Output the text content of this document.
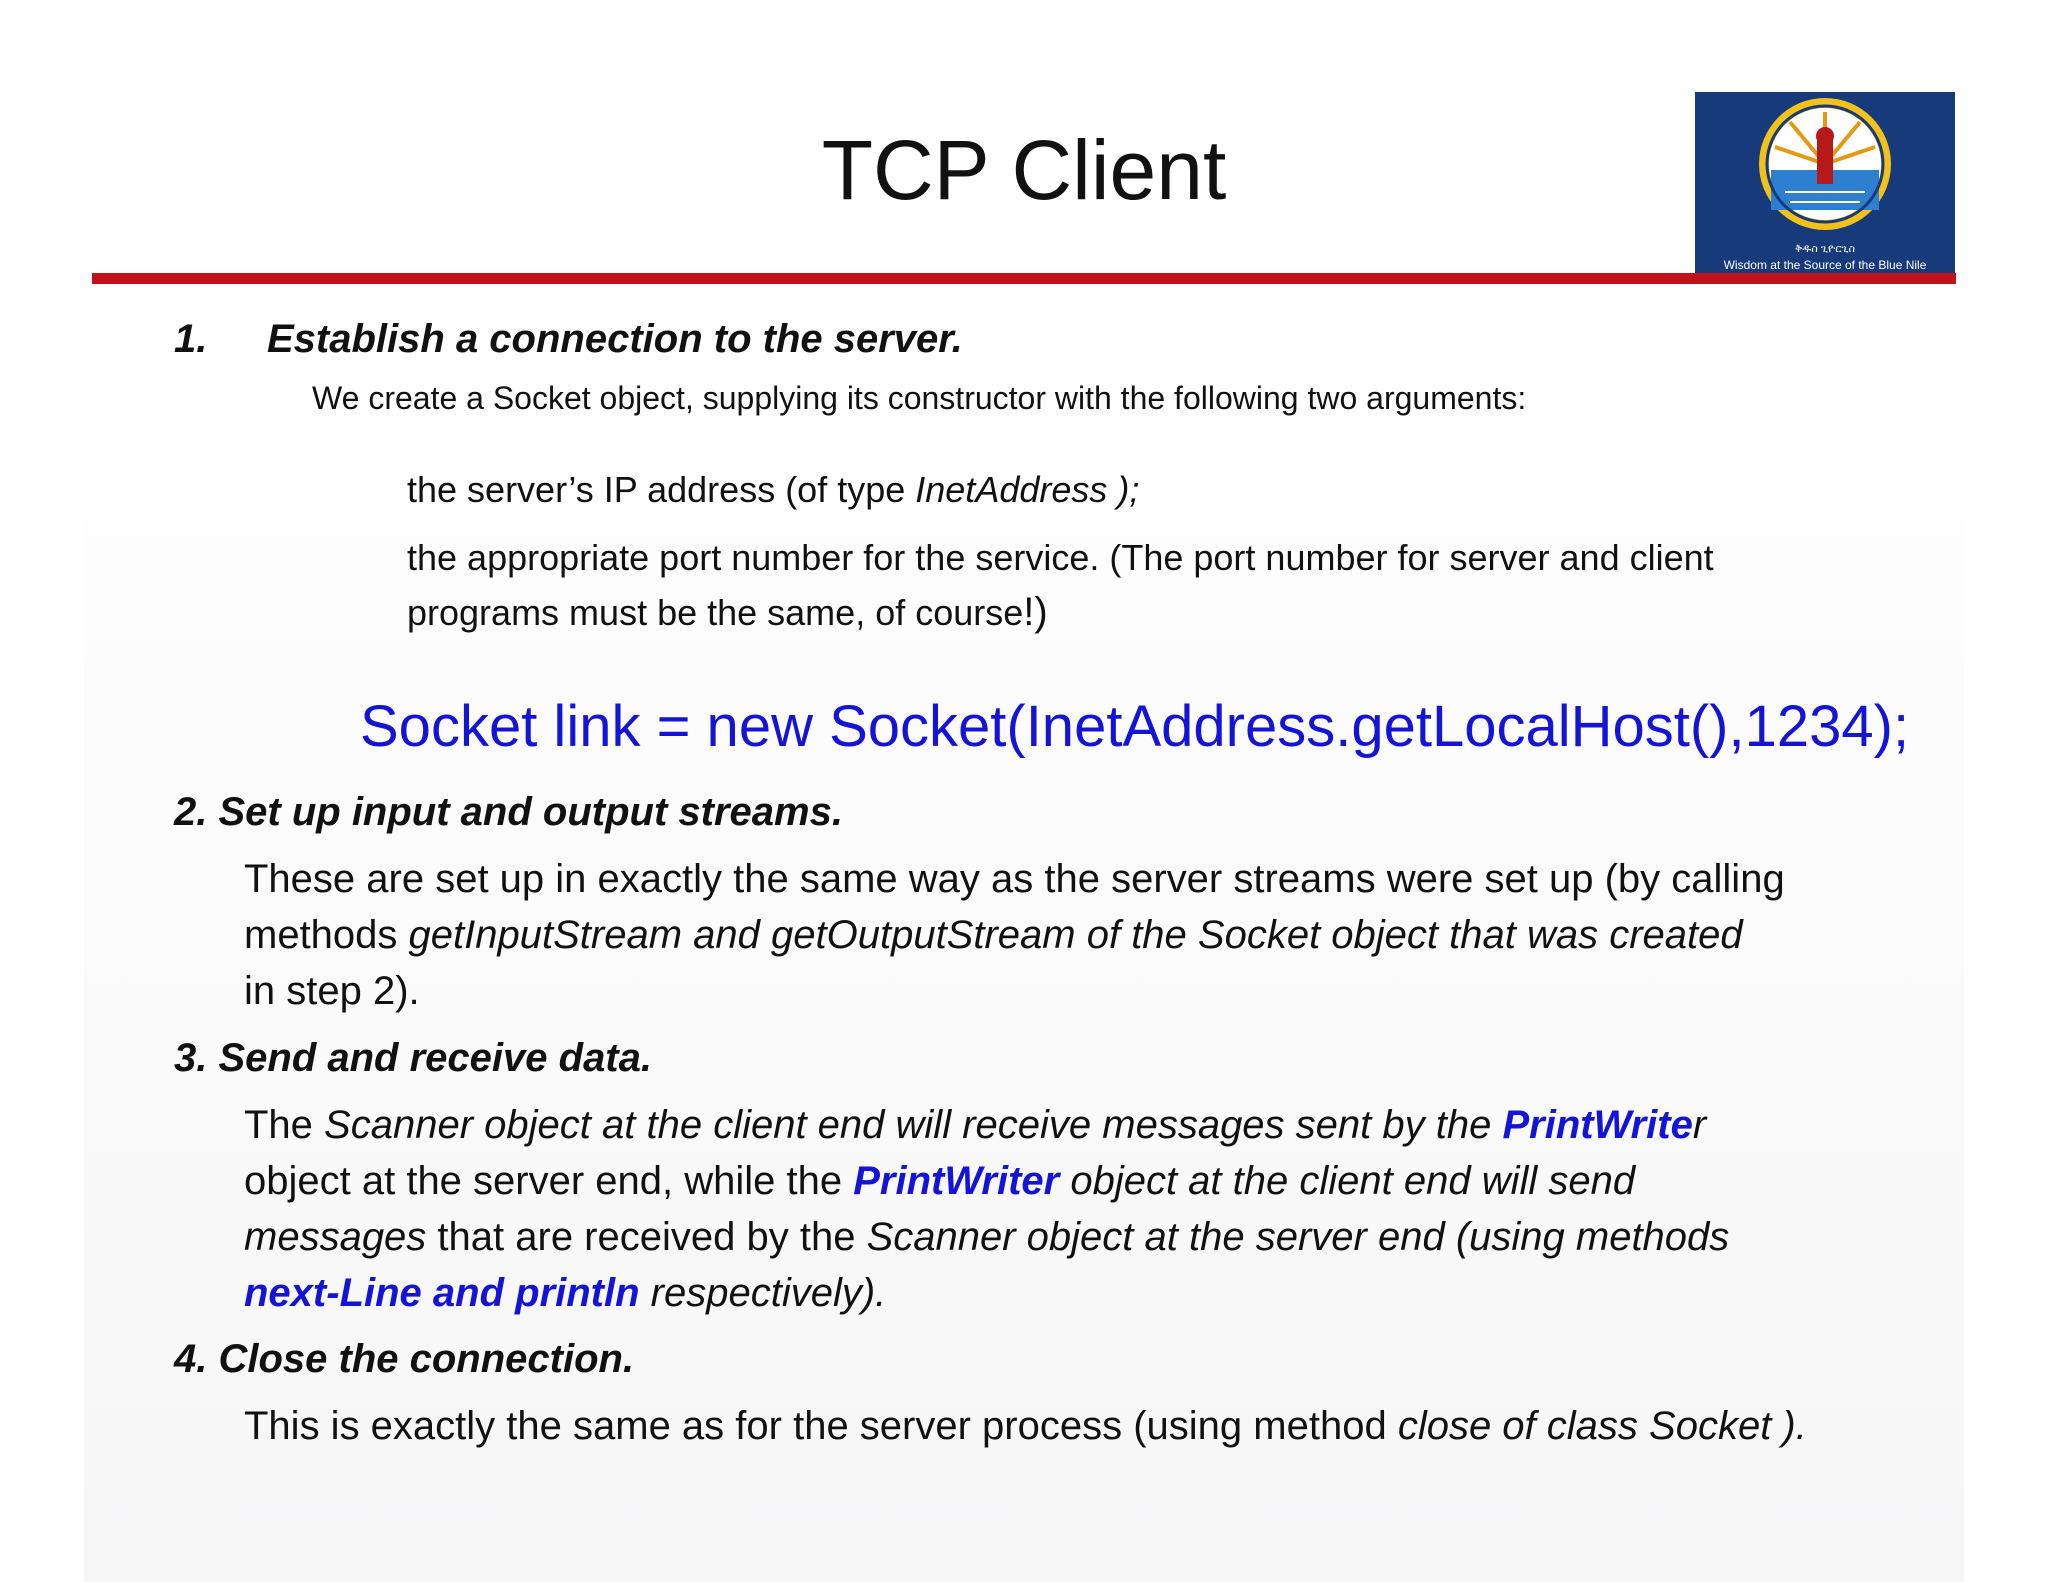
TCP Client
ቅዱስ ጊዮርጊስ
Wisdom at the Source of the Blue Nile
1. Establish a connection to the server.
We create a Socket object, supplying its constructor with the following two arguments:
the server’s IP address (of type InetAddress );
the appropriate port number for the service. (The port number for server and client
programs must be the same, of course!)
Socket link = new Socket(InetAddress.getLocalHost(),1234);
2. Set up input and output streams.
These are set up in exactly the same way as the server streams were set up (by calling
methods getInputStream and getOutputStream of the Socket object that was created
in step 2).
3. Send and receive data.
The Scanner object at the client end will receive messages sent by the PrintWriter
object at the server end, while the PrintWriter object at the client end will send
messages that are received by the Scanner object at the server end (using methods
next-Line and println respectively).
4. Close the connection.
This is exactly the same as for the server process (using method close of class Socket ).
